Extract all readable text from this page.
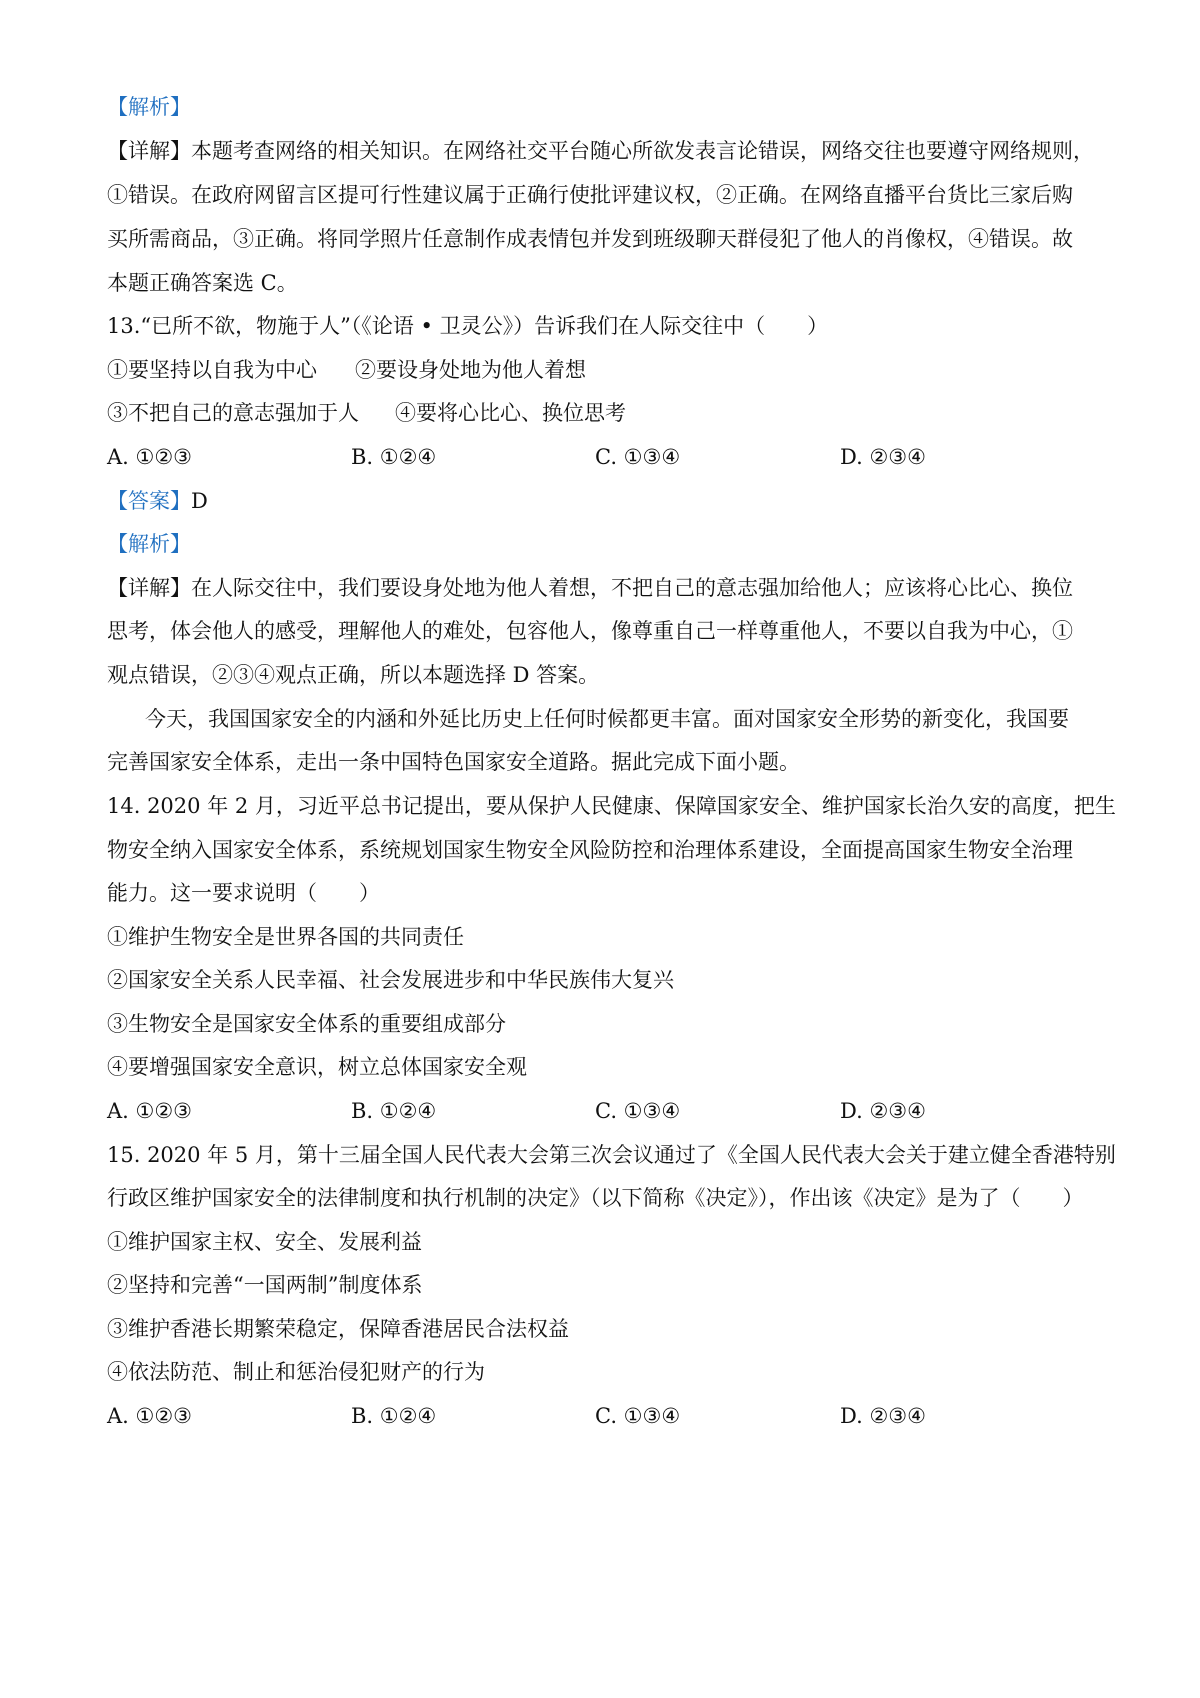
【解析】
【详解】本题考查网络的相关知识。在网络社交平台随心所欲发表言论错误，网络交往也要遵守网络规则，
①错误。在政府网留言区提可行性建议属于正确行使批评建议权，②正确。在网络直播平台货比三家后购
买所需商品，③正确。将同学照片任意制作成表情包并发到班级聊天群侵犯了他人的肖像权，④错误。故
本题正确答案选 C。
13.“已所不欲，物施于人”（《论语 • 卫灵公》）告诉我们在人际交往中（　　）
①要坚持以自我为中心 ②要设身处地为他人着想
③不把自己的意志强加于人 ④要将心比心、换位思考
A. ①②③	B. ①②④	C. ①③④	D. ②③④
【答案】D
【解析】
【详解】在人际交往中，我们要设身处地为他人着想，不把自己的意志强加给他人；应该将心比心、换位
思考，体会他人的感受，理解他人的难处，包容他人，像尊重自己一样尊重他人，不要以自我为中心，①
观点错误，②③④观点正确，所以本题选择 D 答案。
今天，我国国家安全的内涵和外延比历史上任何时候都更丰富。面对国家安全形势的新变化，我国要
完善国家安全体系，走出一条中国特色国家安全道路。据此完成下面小题。
14. 2020 年 2 月，习近平总书记提出，要从保护人民健康、保障国家安全、维护国家长治久安的高度，把生
物安全纳入国家安全体系，系统规划国家生物安全风险防控和治理体系建设，全面提高国家生物安全治理
能力。这一要求说明（　　）
①维护生物安全是世界各国的共同责任
②国家安全关系人民幸福、社会发展进步和中华民族伟大复兴
③生物安全是国家安全体系的重要组成部分
④要增强国家安全意识，树立总体国家安全观
A. ①②③	B. ①②④	C. ①③④	D. ②③④
15. 2020 年 5 月，第十三届全国人民代表大会第三次会议通过了《全国人民代表大会关于建立健全香港特别
行政区维护国家安全的法律制度和执行机制的决定》（以下简称《决定》），作出该《决定》是为了（　　）
①维护国家主权、安全、发展利益
②坚持和完善“一国两制”制度体系
③维护香港长期繁荣稳定，保障香港居民合法权益
④依法防范、制止和惩治侵犯财产的行为
A. ①②③	B. ①②④	C. ①③④	D. ②③④
